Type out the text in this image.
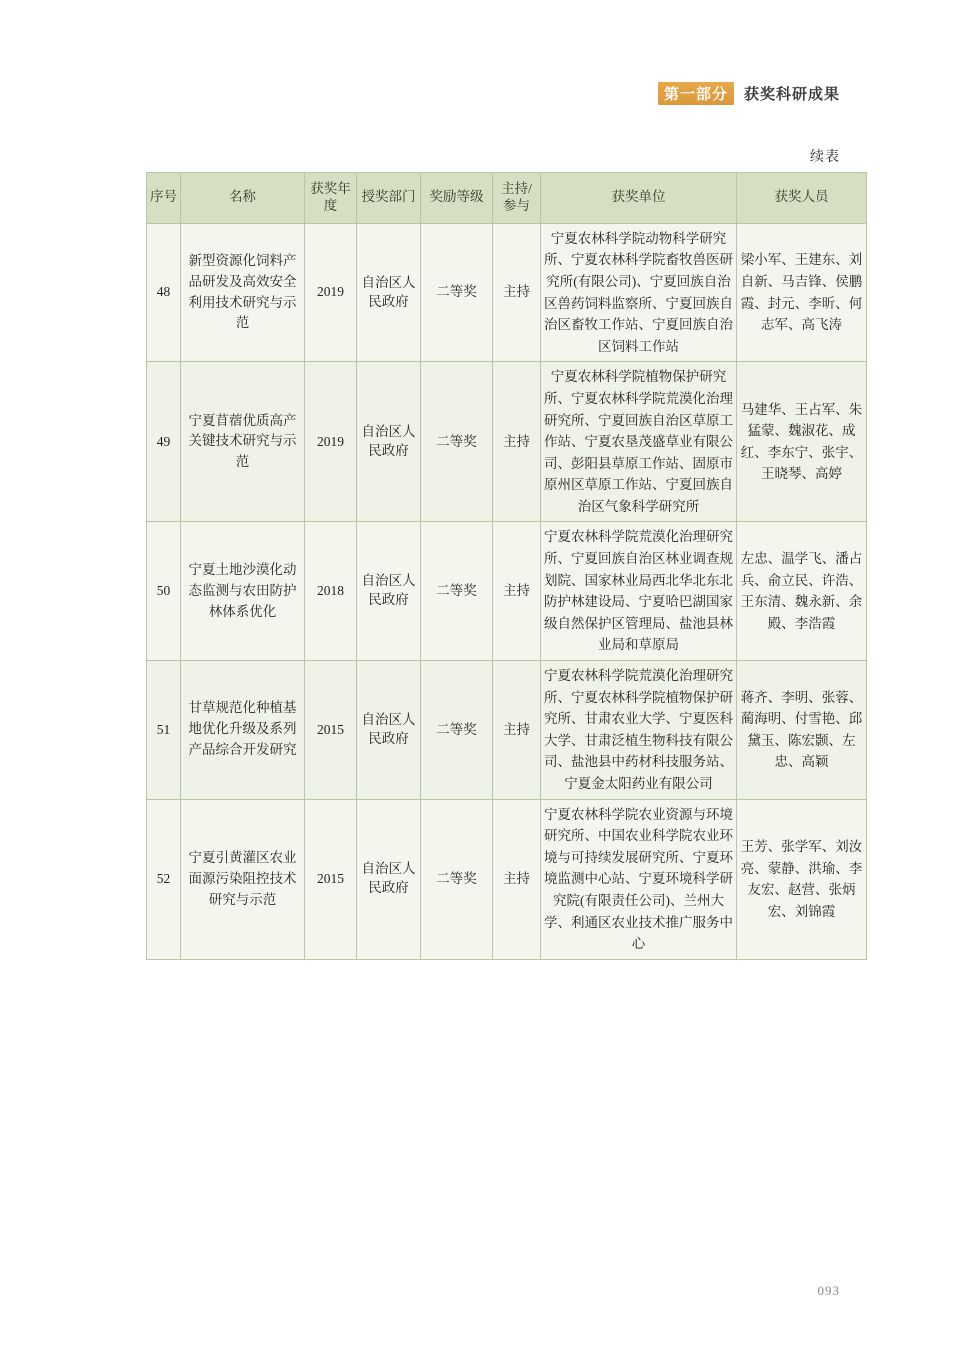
第一部分	获奖科研成果
续表
序号	名称	获奖年度	授奖部门	奖励等级	主持/参与	获奖单位	获奖人员
48	新型资源化饲料产品研发及高效安全利用技术研究与示范	2019	自治区人民政府	二等奖	主持	宁夏农林科学院动物科学研究所、宁夏农林科学院畜牧兽医研究所(有限公司)、宁夏回族自治区兽药饲料监察所、宁夏回族自治区畜牧工作站、宁夏回族自治区饲料工作站	梁小军、王建东、刘自新、马吉锋、侯鹏霞、封元、李昕、何志军、高飞涛
49	宁夏苜蓿优质高产关键技术研究与示范	2019	自治区人民政府	二等奖	主持	宁夏农林科学院植物保护研究所、宁夏农林科学院荒漠化治理研究所、宁夏回族自治区草原工作站、宁夏农垦茂盛草业有限公司、彭阳县草原工作站、固原市原州区草原工作站、宁夏回族自治区气象科学研究所	马建华、王占军、朱猛蒙、魏淑花、成红、李东宁、张宇、王晓琴、高婷
50	宁夏土地沙漠化动态监测与农田防护林体系优化	2018	自治区人民政府	二等奖	主持	宁夏农林科学院荒漠化治理研究所、宁夏回族自治区林业调查规划院、国家林业局西北华北东北防护林建设局、宁夏哈巴湖国家级自然保护区管理局、盐池县林业局和草原局	左忠、温学飞、潘占兵、俞立民、许浩、王东清、魏永新、余殿、李浩霞
51	甘草规范化种植基地优化升级及系列产品综合开发研究	2015	自治区人民政府	二等奖	主持	宁夏农林科学院荒漠化治理研究所、宁夏农林科学院植物保护研究所、甘肃农业大学、宁夏医科大学、甘肃泛植生物科技有限公司、盐池县中药材科技服务站、宁夏金太阳药业有限公司	蒋齐、李明、张蓉、蔺海明、付雪艳、邱黛玉、陈宏颢、左忠、高颖
52	宁夏引黄灌区农业面源污染阻控技术研究与示范	2015	自治区人民政府	二等奖	主持	宁夏农林科学院农业资源与环境研究所、中国农业科学院农业环境与可持续发展研究所、宁夏环境监测中心站、宁夏环境科学研究院(有限责任公司)、兰州大学、利通区农业技术推广服务中心	王芳、张学军、刘汝亮、蒙静、洪瑜、李友宏、赵营、张炳宏、刘锦霞
093
